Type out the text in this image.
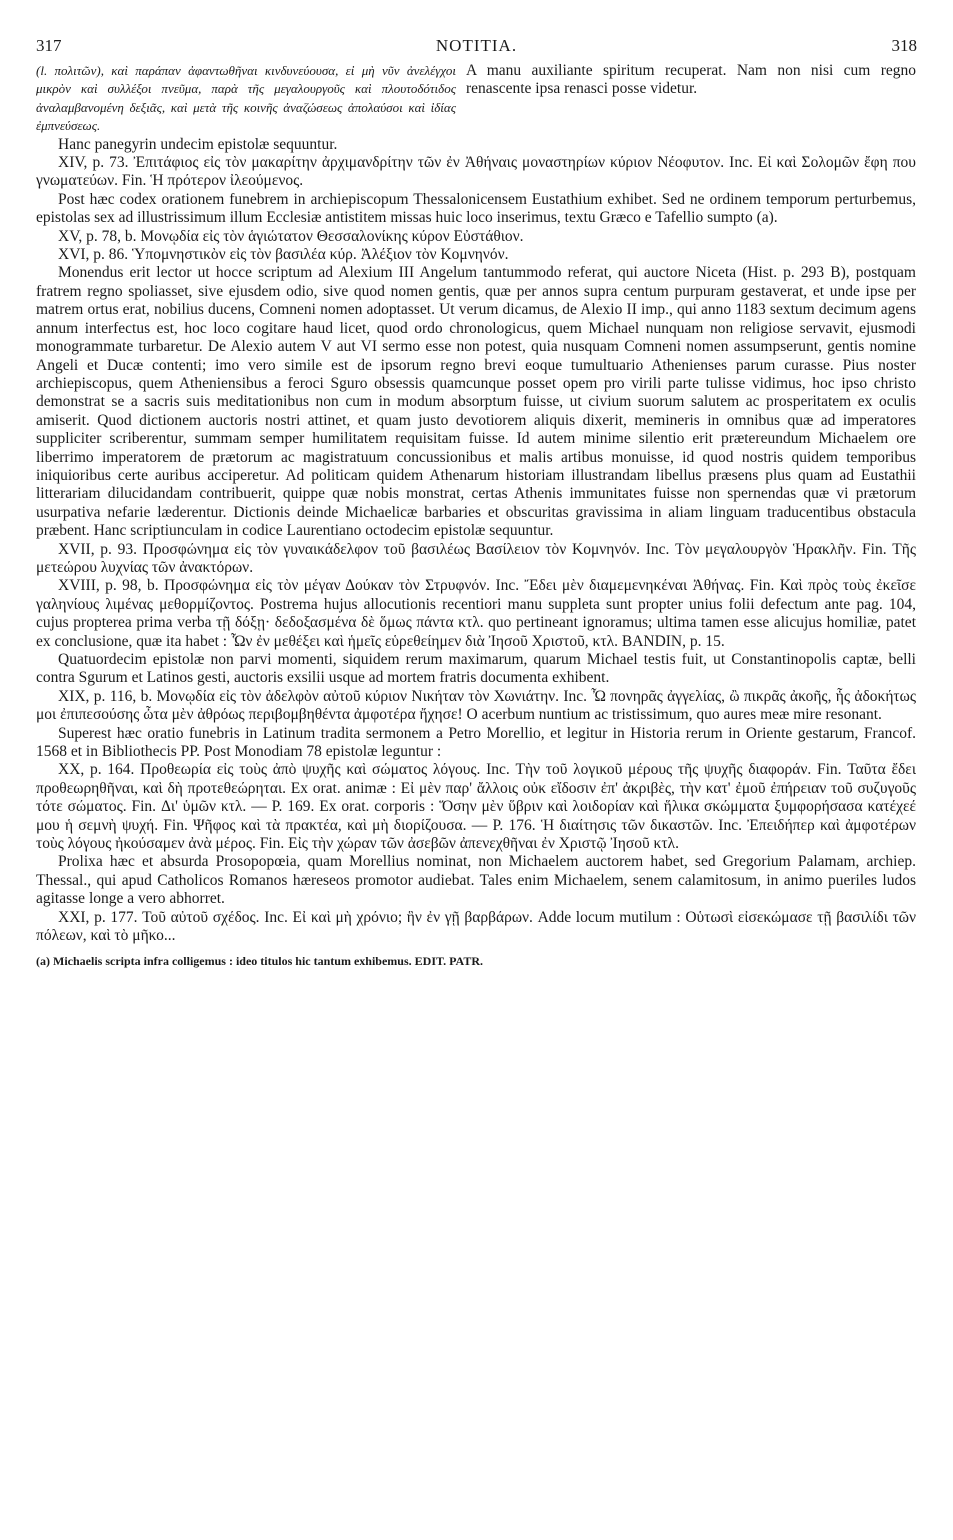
317	NOTITIA.	318

(l. πολιτῶν), καὶ παράπαν ἀφαντωθῆναι κινδυνεύουσα, εἰ μὴ νῦν ἀνελέγχοι μικρὸν καὶ συλλέξοι πνεῦμα, παρὰ τῆς μεγαλουργοῦς καὶ πλουτοδότιδος ἀναλαμβανομένη δεξιᾶς, καὶ μετὰ τῆς κοινῆς ἀναζώσεως ἀπολαύσοι καὶ ἰδίας ἐμπνεύσεως.

A manu auxiliante spiritum recuperat. Nam non nisi cum regno renascente ipsa renasci posse videtur.

Hanc panegyrin undecim epistolæ sequuntur.

XIV, p. 73. Ἐπιτάφιος εἰς τὸν μακαρίτην ἀρχιμανδρίτην τῶν ἐν Ἀθήναις μοναστηρίων κύριον Νέοφυτον. Inc. Εἰ καὶ Σολομῶν ἔφη που γνωματεύων. Fin. Ἡ πρότερον ἰλεούμενος.

Post hæc codex orationem funebrem in archiepiscopum Thessalonicensem Eustathium exhibet. Sed ne ordinem temporum perturbemus, epistolas sex ad illustrissimum illum Ecclesiæ antistitem missas huic loco inserimus, textu Græco e Tafellio sumpto (a).

XV, p. 78, b. Μονῳδία εἰς τὸν ἁγιώτατον Θεσσαλονίκης κύρον Εὐστάθιον.

XVI, p. 86. Ὑπομνηστικὸν εἰς τὸν βασιλέα κύρ. Ἀλέξιον τὸν Κομνηνόν.

Monendus erit lector ut hocce scriptum ad Alexium III Angelum tantummodo referat, qui auctore Niceta (Hist. p. 293 B), postquam fratrem regno spoliasset, sive ejusdem odio, sive quod nomen gentis, quæ per annos supra centum purpuram gestaverat, et unde ipse per matrem ortus erat, nobilius ducens, Comneni nomen adoptasset. Ut verum dicamus, de Alexio II imp., qui anno 1183 sextum decimum agens annum interfectus est, hoc loco cogitare haud licet, quod ordo chronologicus, quem Michael nunquam non religiose servavit, ejusmodi monogrammate turbaretur. De Alexio autem V aut VI sermo esse non potest, quia nusquam Comneni nomen assumpserunt, gentis nomine Angeli et Ducæ contenti; imo vero simile est de ipsorum regno brevi eoque tumultuario Athenienses parum curasse. Pius noster archiepiscopus, quem Atheniensibus a feroci Sguro obsessis quamcunque posset opem pro virili parte tulisse vidimus, hoc ipso christo demonstrat se a sacris suis meditationibus non cum in modum absorptum fuisse, ut civium suorum salutem ac prosperitatem ex oculis amiserit. Quod dictionem auctoris nostri attinet, et quam justo devotiorem aliquis dixerit, memineris in omnibus quæ ad imperatores suppliciter scriberentur, summam semper humilitatem requisitam fuisse. Id autem minime silentio erit prætereundum Michaelem ore liberrimo imperatorem de prætorum ac magistratuum concussionibus et malis artibus monuisse, id quod nostris quidem temporibus iniquioribus certe auribus acciperetur. Ad politicam quidem Athenarum historiam illustrandam libellus præsens plus quam ad Eustathii litterariam dilucidandam contribuerit, quippe quæ nobis monstrat, certas Athenis immunitates fuisse non spernendas quæ vi prætorum usurpativa nefarie læderentur. Dictionis deinde Michaelicæ barbaries et obscuritas gravissima in aliam linguam traducentibus obstacula præbent. Hanc scriptiunculam in codice Laurentiano octodecim epistolæ sequuntur.

XVII, p. 93. Προσφώνημα εἰς τὸν γυναικάδελφον τοῦ βασιλέως Βασίλειον τὸν Κομνηνόν. Inc. Τὸν μεγαλουργὸν Ἡρακλῆν. Fin. Τῆς μετεώρου λυχνίας τῶν ἀνακτόρων.

XVIII, p. 98, b. Προσφώνημα εἰς τὸν μέγαν Δούκαν τὸν Στρυφνόν. Inc. Ἔδει μὲν διαμεμενηκέναι Ἀθήνας. Fin. Καὶ πρὸς τοὺς ἐκεῖσε γαληνίους λιμένας μεθορμίζοντος. Postrema hujus allocutionis recentiori manu suppleta sunt propter unius folii defectum ante pag. 104, cujus propterea prima verba τῇ δόξῃ· δεδοξασμένα δὲ ὅμως πάντα κτλ. quo pertineant ignoramus; ultima tamen esse alicujus homiliæ, patet ex conclusione, quæ ita habet : Ὧν ἐν μεθέξει καὶ ἡμεῖς εὑρεθείημεν διὰ Ἰησοῦ Χριστοῦ, κτλ. BANDIN, p. 15.

Quatuordecim epistolæ non parvi momenti, siquidem rerum maximarum, quarum Michael testis fuit, ut Constantinopolis captæ, belli contra Sgurum et Latinos gesti, auctoris exsilii usque ad mortem fratris documenta exhibent.

XIX, p. 116, b. Μονῳδία εἰς τὸν ἀδελφὸν αὐτοῦ κύριον Νικήταν τὸν Χωνιάτην. Inc. Ὦ πονηρᾶς ἀγγελίας, ὢ πικρᾶς ἀκοῆς, ἧς ἀδοκήτως μοι ἐπιπεσούσης ὦτα μὲν ἀθρόως περιβομβηθέντα ἀμφοτέρα ἤχησε! O acerbum nuntium ac tristissimum, quo aures meæ mire resonant.

Superest hæc oratio funebris in Latinum tradita sermonem a Petro Morellio, et legitur in Historia rerum in Oriente gestarum, Francof. 1568 et in Bibliothecis PP. Post Monodiam 78 epistolæ leguntur :

XX, p. 164. Προθεωρία εἰς τοὺς ἀπὸ ψυχῆς καὶ σώματος λόγους. Inc. Τὴν τοῦ λογικοῦ μέρους τῆς ψυχῆς διαφοράν. Fin. Ταῦτα ἔδει προθεωρηθῆναι, καὶ δὴ προτεθεώρηται. Ex orat. animæ : Εἰ μὲν παρ' ἄλλοις οὐκ εἴδοσιν ἐπ' ἀκριβὲς, τὴν κατ' ἐμοῦ ἐπήρειαν τοῦ συζυγοῦς τότε σώματος. Fin. Δι' ὑμῶν κτλ. — P. 169. Ex orat. corporis : Ὅσην μὲν ὕβριν καὶ λοιδορίαν καὶ ἥλικα σκώμματα ξυμφορήσασα κατέχεέ μου ἡ σεμνὴ ψυχή. Fin. Ψῆφος καὶ τὰ πρακτέα, καὶ μὴ διορίζουσα. — P. 176. Ἡ διαίτησις τῶν δικαστῶν. Inc. Ἐπειδήπερ καὶ ἀμφοτέρων τοὺς λόγους ἠκούσαμεν ἀνὰ μέρος. Fin. Εἰς τὴν χώραν τῶν ἀσεβῶν ἀπενεχθῆναι ἐν Χριστῷ Ἰησοῦ κτλ.

Prolixa hæc et absurda Prosopopœia, quam Morellius nominat, non Michaelem auctorem habet, sed Gregorium Palamam, archiep. Thessal., qui apud Catholicos Romanos hæreseos promotor audiebat. Tales enim Michaelem, senem calamitosum, in animo pueriles ludos agitasse longe a vero abhorret.

XXI, p. 177. Τοῦ αὐτοῦ σχέδος. Inc. Εἰ καὶ μὴ χρόνιο; ἣν ἐν γῇ βαρβάρων. Adde locum mutilum : Οὑτωσὶ εἰσεκώμασε τῇ βασιλίδι τῶν πόλεων, καὶ τὸ μῆκο...

(a) Michaelis scripta infra colligemus : ideo titulos hic tantum exhibemus. EDIT. PATR.
